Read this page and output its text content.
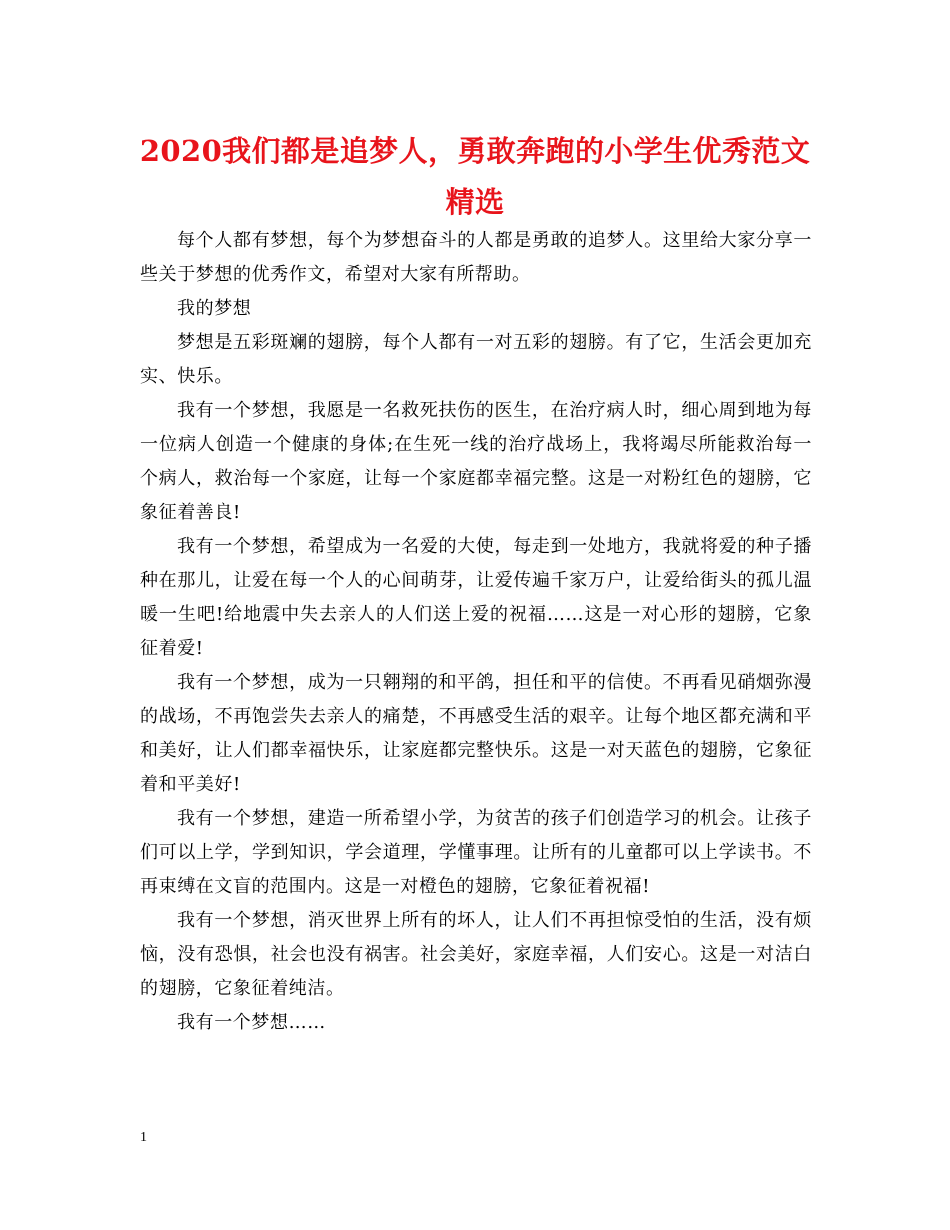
2020我们都是追梦人，勇敢奔跑的小学生优秀范文精选

每个人都有梦想，每个为梦想奋斗的人都是勇敢的追梦人。这里给大家分享一些关于梦想的优秀作文，希望对大家有所帮助。

我的梦想

梦想是五彩斑斓的翅膀，每个人都有一对五彩的翅膀。有了它，生活会更加充实、快乐。

我有一个梦想，我愿是一名救死扶伤的医生，在治疗病人时，细心周到地为每一位病人创造一个健康的身体;在生死一线的治疗战场上，我将竭尽所能救治每一个病人，救治每一个家庭，让每一个家庭都幸福完整。这是一对粉红色的翅膀，它象征着善良!

我有一个梦想，希望成为一名爱的大使，每走到一处地方，我就将爱的种子播种在那儿，让爱在每一个人的心间萌芽，让爱传遍千家万户，让爱给街头的孤儿温暖一生吧!给地震中失去亲人的人们送上爱的祝福……这是一对心形的翅膀，它象征着爱!

我有一个梦想，成为一只翱翔的和平鸽，担任和平的信使。不再看见硝烟弥漫的战场，不再饱尝失去亲人的痛楚，不再感受生活的艰辛。让每个地区都充满和平和美好，让人们都幸福快乐，让家庭都完整快乐。这是一对天蓝色的翅膀，它象征着和平美好!

我有一个梦想，建造一所希望小学，为贫苦的孩子们创造学习的机会。让孩子们可以上学，学到知识，学会道理，学懂事理。让所有的儿童都可以上学读书。不再束缚在文盲的范围内。这是一对橙色的翅膀，它象征着祝福!

我有一个梦想，消灭世界上所有的坏人，让人们不再担惊受怕的生活，没有烦恼，没有恐惧，社会也没有祸害。社会美好，家庭幸福，人们安心。这是一对洁白的翅膀，它象征着纯洁。

我有一个梦想……

1
